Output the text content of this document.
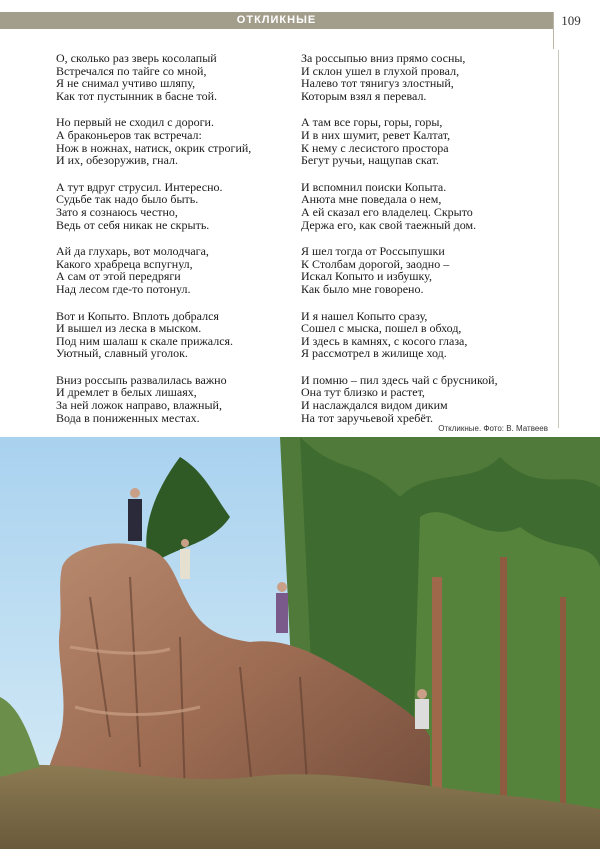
ОТКЛИКНЫЕ	109
О, сколько раз зверь косолапый
Встречался по тайге со мной,
Я не снимал учтиво шляпу,
Как тот пустынник в басне той.
Но первый не сходил с дороги.
А браконьеров так встречал:
Нож в ножнах, натиск, окрик строгий,
И их, обезоружив, гнал.
А тут вдруг струсил. Интересно.
Судьбе так надо было быть.
Зато я сознаюсь честно,
Ведь от себя никак не скрыть.
Ай да глухарь, вот молодчага,
Какого храбреца вспугнул,
А сам от этой передряги
Над лесом где-то потонул.
Вот и Копыто. Вплоть добрался
И вышел из леска в мыском.
Под ним шалаш к скале прижался.
Уютный, славный уголок.
Вниз россыпь развалилась важно
И дремлет в белых лишаях,
За ней ложок направо, влажный,
Вода в пониженных местах.
За россыпью вниз прямо сосны,
И склон ушел в глухой провал,
Налево тот тянигуз злостный,
Которым взял я перевал.
А там все горы, горы, горы,
И в них шумит, ревет Калтат,
К нему с лесистого простора
Бегут ручьи, нащупав скат.
И вспомнил поиски Копыта.
Анюта мне поведала о нем,
А ей сказал его владелец. Скрыто
Держа его, как свой таежный дом.
Я шел тогда от Россыпушки
К Столбам дорогой, заодно –
Искал Копыто и избушку,
Как было мне говорено.
И я нашел Копыто сразу,
Сошел с мыска, пошел в обход,
И здесь в камнях, с косого глаза,
Я рассмотрел в жилище ход.
И помню – пил здесь чай с брусникой,
Она тут близко и растет,
И наслаждался видом диким
На тот заручьевой хребёт.
Откликные. Фото: В. Матвеев
